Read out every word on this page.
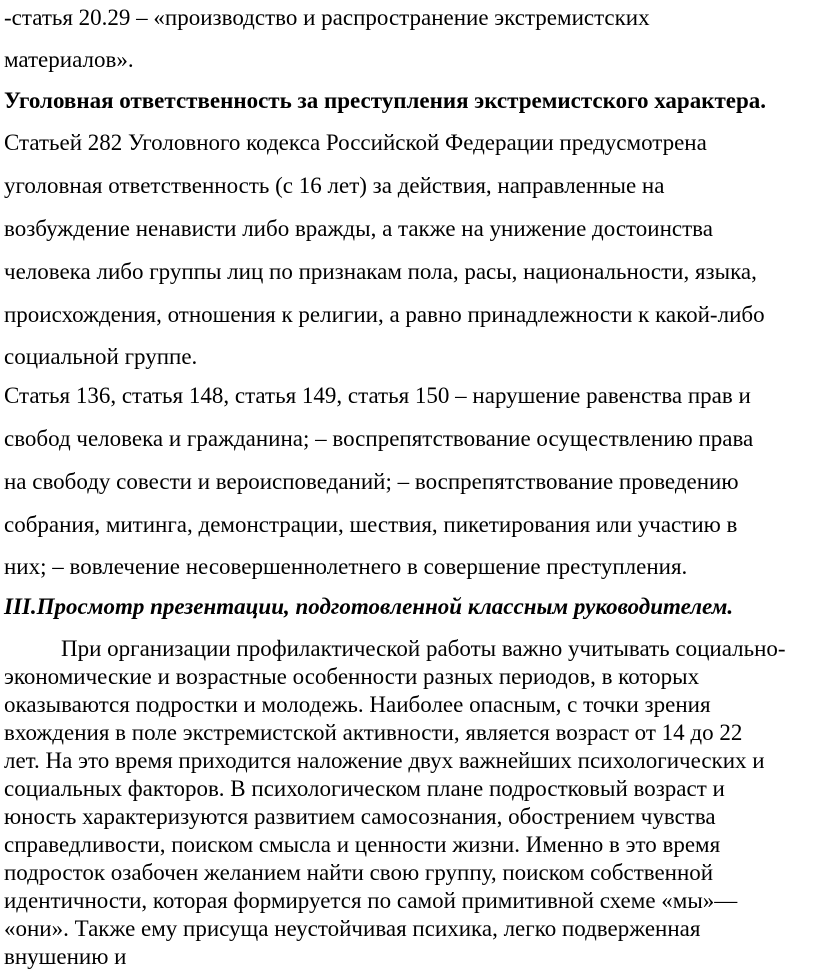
-статья 20.29 – «производство и распространение экстремистских
материалов».
Уголовная ответственность за преступления экстремистского характера.
Статьей 282 Уголовного кодекса Российской Федерации предусмотрена
уголовная ответственность (с 16 лет) за действия, направленные на
возбуждение ненависти либо вражды, а также на унижение достоинства
человека либо группы лиц по признакам пола, расы, национальности, языка,
происхождения, отношения к религии, а равно принадлежности к какой-либо
социальной группе.
Статья 136, статья 148, статья 149, статья 150 – нарушение равенства прав и
свобод человека и гражданина; – воспрепятствование осуществлению права
на свободу совести и вероисповеданий; – воспрепятствование проведению
собрания, митинга, демонстрации, шествия, пикетирования или участию в
них; – вовлечение несовершеннолетнего в совершение преступления.
III.Просмотр презентации, подготовленной классным руководителем.
При организации профилактической работы важно учитывать социально-
экономические и возрастные особенности разных периодов, в которых
оказываются подростки и молодежь. Наиболее опасным, с точки зрения
вхождения в поле экстремистской активности, является возраст от 14 до 22
лет. На это время приходится наложение двух важнейших психологических и
социальных факторов. В психологическом плане подростковый возраст и
юность характеризуются развитием самосознания, обострением чувства
справедливости, поиском смысла и ценности жизни. Именно в это время
подросток озабочен желанием найти свою группу, поиском собственной
идентичности, которая формируется по самой примитивной схеме «мы»—
«они». Также ему присуща неустойчивая психика, легко подверженная
внушению и
